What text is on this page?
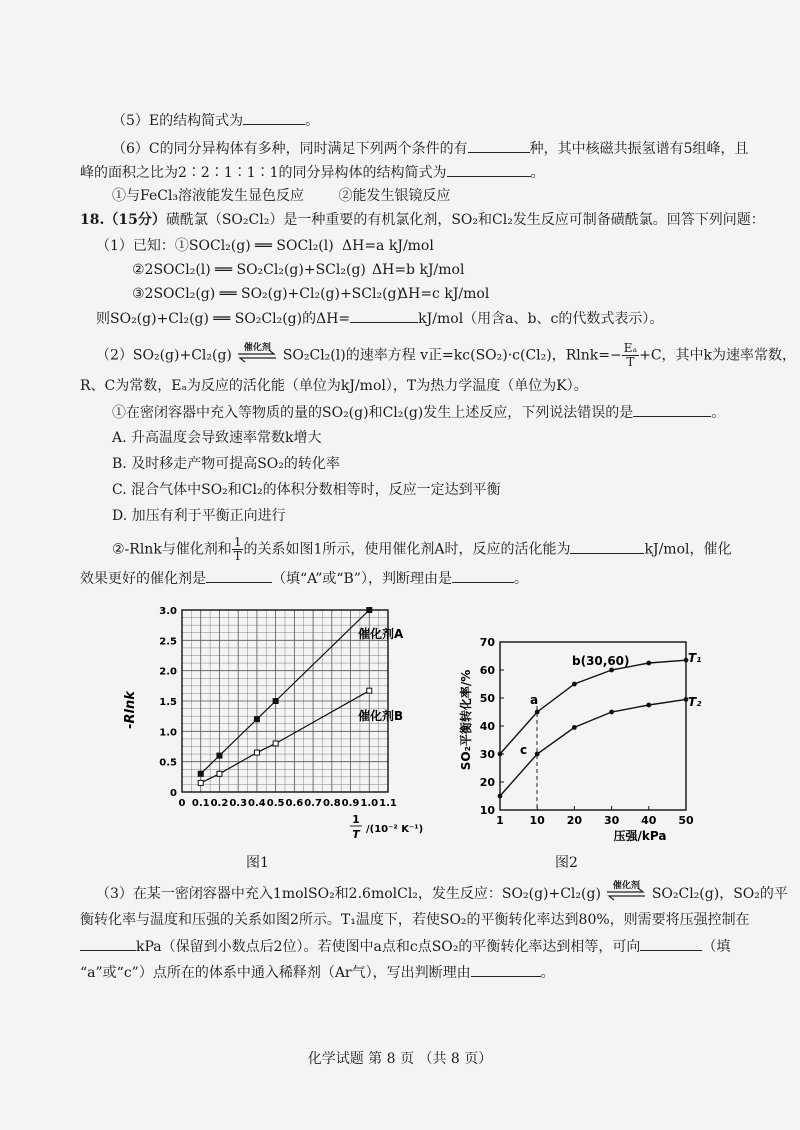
（5）E的结构简式为	。
（6）C的同分异构体有多种，同时满足下列两个条件的有	种，其中核磁共振氢谱有5组峰，且
峰的面积之比为2∶2∶1∶1∶1的同分异构体的结构简式为	。
①与FeCl₃溶液能发生显色反应 ②能发生银镜反应
18.（15分）磺酰氯（SO₂Cl₂）是一种重要的有机氯化剂，SO₂和Cl₂发生反应可制备磺酰氯。回答下列问题：
（1）已知：①SOCl₂(g) ══ SOCl₂(l) ΔH=a kJ/mol
②2SOCl₂(l) ══ SO₂Cl₂(g)+SCl₂(g) ΔH=b kJ/mol
③2SOCl₂(g) ══ SO₂(g)+Cl₂(g)+SCl₂(g)
ΔH=c kJ/mol
则SO₂(g)+Cl₂(g) ══ SO₂Cl₂(g)的ΔH=	kJ/mol（用含a、b、c的代数式表示）。
（2）SO₂(g)+Cl₂(g)	催化剂 SO₂Cl₂(l)的速率方程 v正=kc(SO₂)·c(Cl₂)，$Rlnk=- \frac{\text{Eₐ}}{T} +C$，其中k为速率常数，
R、C为常数，Eₐ为反应的活化能（单位为kJ/mol），T为热力学温度（单位为K）。
①在密闭容器中充入等物质的量的SO₂(g)和Cl₂(g)发生上述反应，下列说法错误的是	。
A. 升高温度会导致速率常数k增大
B. 及时移走产物可提高SO₂的转化率
C. 混合气体中SO₂和Cl₂的体积分数相等时，反应一定达到平衡
D. 加压有利于平衡正向进行
②-Rlnk与催化剂和 $\frac{1}{T}$ 的关系如图1所示，使用催化剂A时，反应的活化能为	kJ/mol，催化
效果更好的催化剂是	（填“A”或“B”），判断理由是	。
-Rlnk
0 0.1 0.2 0.3 0.4 0.5 0.6 0.7 0.8 0.9 1.0 1.1
0
0.5
1.0
1.5
2.0
2.5
3.0
催化剂A
催化剂B
1
T /(10⁻² K⁻¹)
图1
SO₂平衡转化率/%
1 10 20 30 40 50
10
20
30
40
50
60
70
b(30,60)
a
c
T₁
T₂
压强/kPa
图2
（3）在某一密闭容器中充入1molSO₂和2.6molCl₂，发生反应：SO₂(g)+Cl₂(g)	催化剂 SO₂Cl₂(g)，SO₂的平
衡转化率与温度和压强的关系如图2所示。T₁温度下，若使SO₂的平衡转化率达到80%，则需要将压强控制在
kPa（保留到小数点后2位）。若使图中a点和c点SO₂的平衡转化率达到相等，可向	（填
“a”或“c”）点所在的体系中通入稀释剂（Ar气），写出判断理由	。
化学试题 第 8 页 （共 8 页）
